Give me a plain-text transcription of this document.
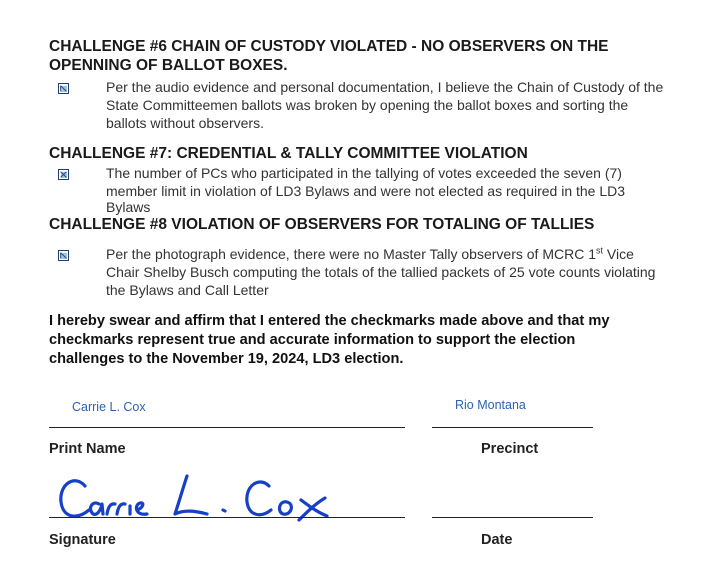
CHALLENGE #6 CHAIN OF CUSTODY VIOLATED - NO OBSERVERS ON THE
OPENNING OF BALLOT BOXES.
Per the audio evidence and personal documentation, I believe the Chain of Custody of the
State Committeemen ballots was broken by opening the ballot boxes and sorting the
ballots without observers.
CHALLENGE #7: CREDENTIAL & TALLY COMMITTEE VIOLATION
The number of PCs who participated in the tallying of votes exceeded the seven (7)
member limit in violation of LD3 Bylaws and were not elected as required in the LD3
Bylaws
CHALLENGE #8 VIOLATION OF OBSERVERS FOR TOTALING OF TALLIES
Per the photograph evidence, there were no Master Tally observers of MCRC 1st Vice
Chair Shelby Busch computing the totals of the tallied packets of 25 vote counts violating
the Bylaws and Call Letter
I hereby swear and affirm that I entered the checkmarks made above and that my
checkmarks represent true and accurate information to support the election
challenges to the November 19, 2024, LD3 election.
Carrie L. Cox	Rio Montana
Print Name	Precinct
Signature	Date
